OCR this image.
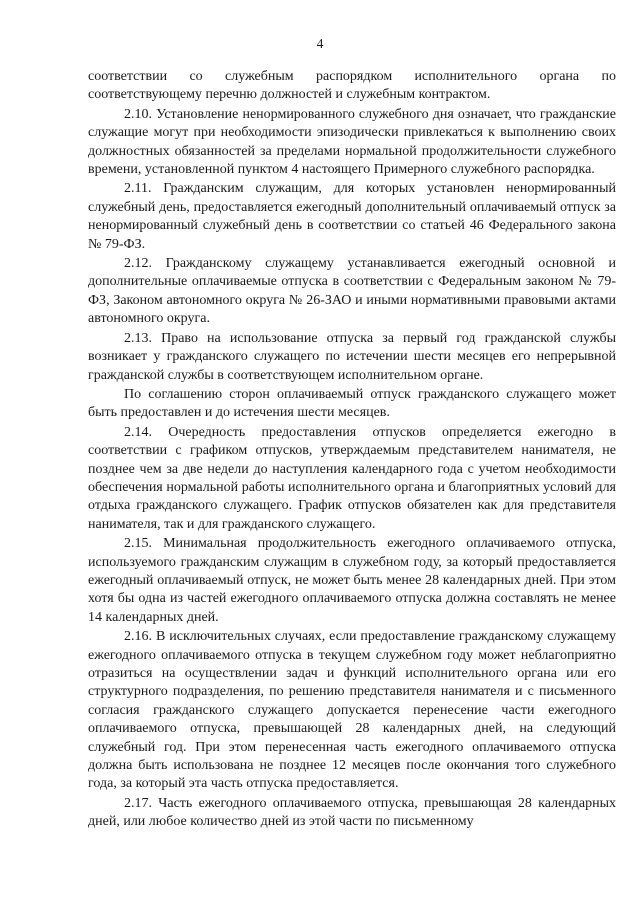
4

соответствии со служебным распорядком исполнительного органа по соответствующему перечню должностей и служебным контрактом.

2.10. Установление ненормированного служебного дня означает, что гражданские служащие могут при необходимости эпизодически привлекаться к выполнению своих должностных обязанностей за пределами нормальной продолжительности служебного времени, установленной пунктом 4 настоящего Примерного служебного распорядка.

2.11. Гражданским служащим, для которых установлен ненормированный служебный день, предоставляется ежегодный дополнительный оплачиваемый отпуск за ненормированный служебный день в соответствии со статьей 46 Федерального закона № 79-ФЗ.

2.12. Гражданскому служащему устанавливается ежегодный основной и дополнительные оплачиваемые отпуска в соответствии с Федеральным законом № 79-ФЗ, Законом автономного округа № 26-ЗАО и иными нормативными правовыми актами автономного округа.

2.13. Право на использование отпуска за первый год гражданской службы возникает у гражданского служащего по истечении шести месяцев его непрерывной гражданской службы в соответствующем исполнительном органе.

По соглашению сторон оплачиваемый отпуск гражданского служащего может быть предоставлен и до истечения шести месяцев.

2.14. Очередность предоставления отпусков определяется ежегодно в соответствии с графиком отпусков, утверждаемым представителем нанимателя, не позднее чем за две недели до наступления календарного года с учетом необходимости обеспечения нормальной работы исполнительного органа и благоприятных условий для отдыха гражданского служащего. График отпусков обязателен как для представителя нанимателя, так и для гражданского служащего.

2.15. Минимальная продолжительность ежегодного оплачиваемого отпуска, используемого гражданским служащим в служебном году, за который предоставляется ежегодный оплачиваемый отпуск, не может быть менее 28 календарных дней. При этом хотя бы одна из частей ежегодного оплачиваемого отпуска должна составлять не менее 14 календарных дней.

2.16. В исключительных случаях, если предоставление гражданскому служащему ежегодного оплачиваемого отпуска в текущем служебном году может неблагоприятно отразиться на осуществлении задач и функций исполнительного органа или его структурного подразделения, по решению представителя нанимателя и с письменного согласия гражданского служащего допускается перенесение части ежегодного оплачиваемого отпуска, превышающей 28 календарных дней, на следующий служебный год. При этом перенесенная часть ежегодного оплачиваемого отпуска должна быть использована не позднее 12 месяцев после окончания того служебного года, за который эта часть отпуска предоставляется.

2.17. Часть ежегодного оплачиваемого отпуска, превышающая 28 календарных дней, или любое количество дней из этой части по письменному
